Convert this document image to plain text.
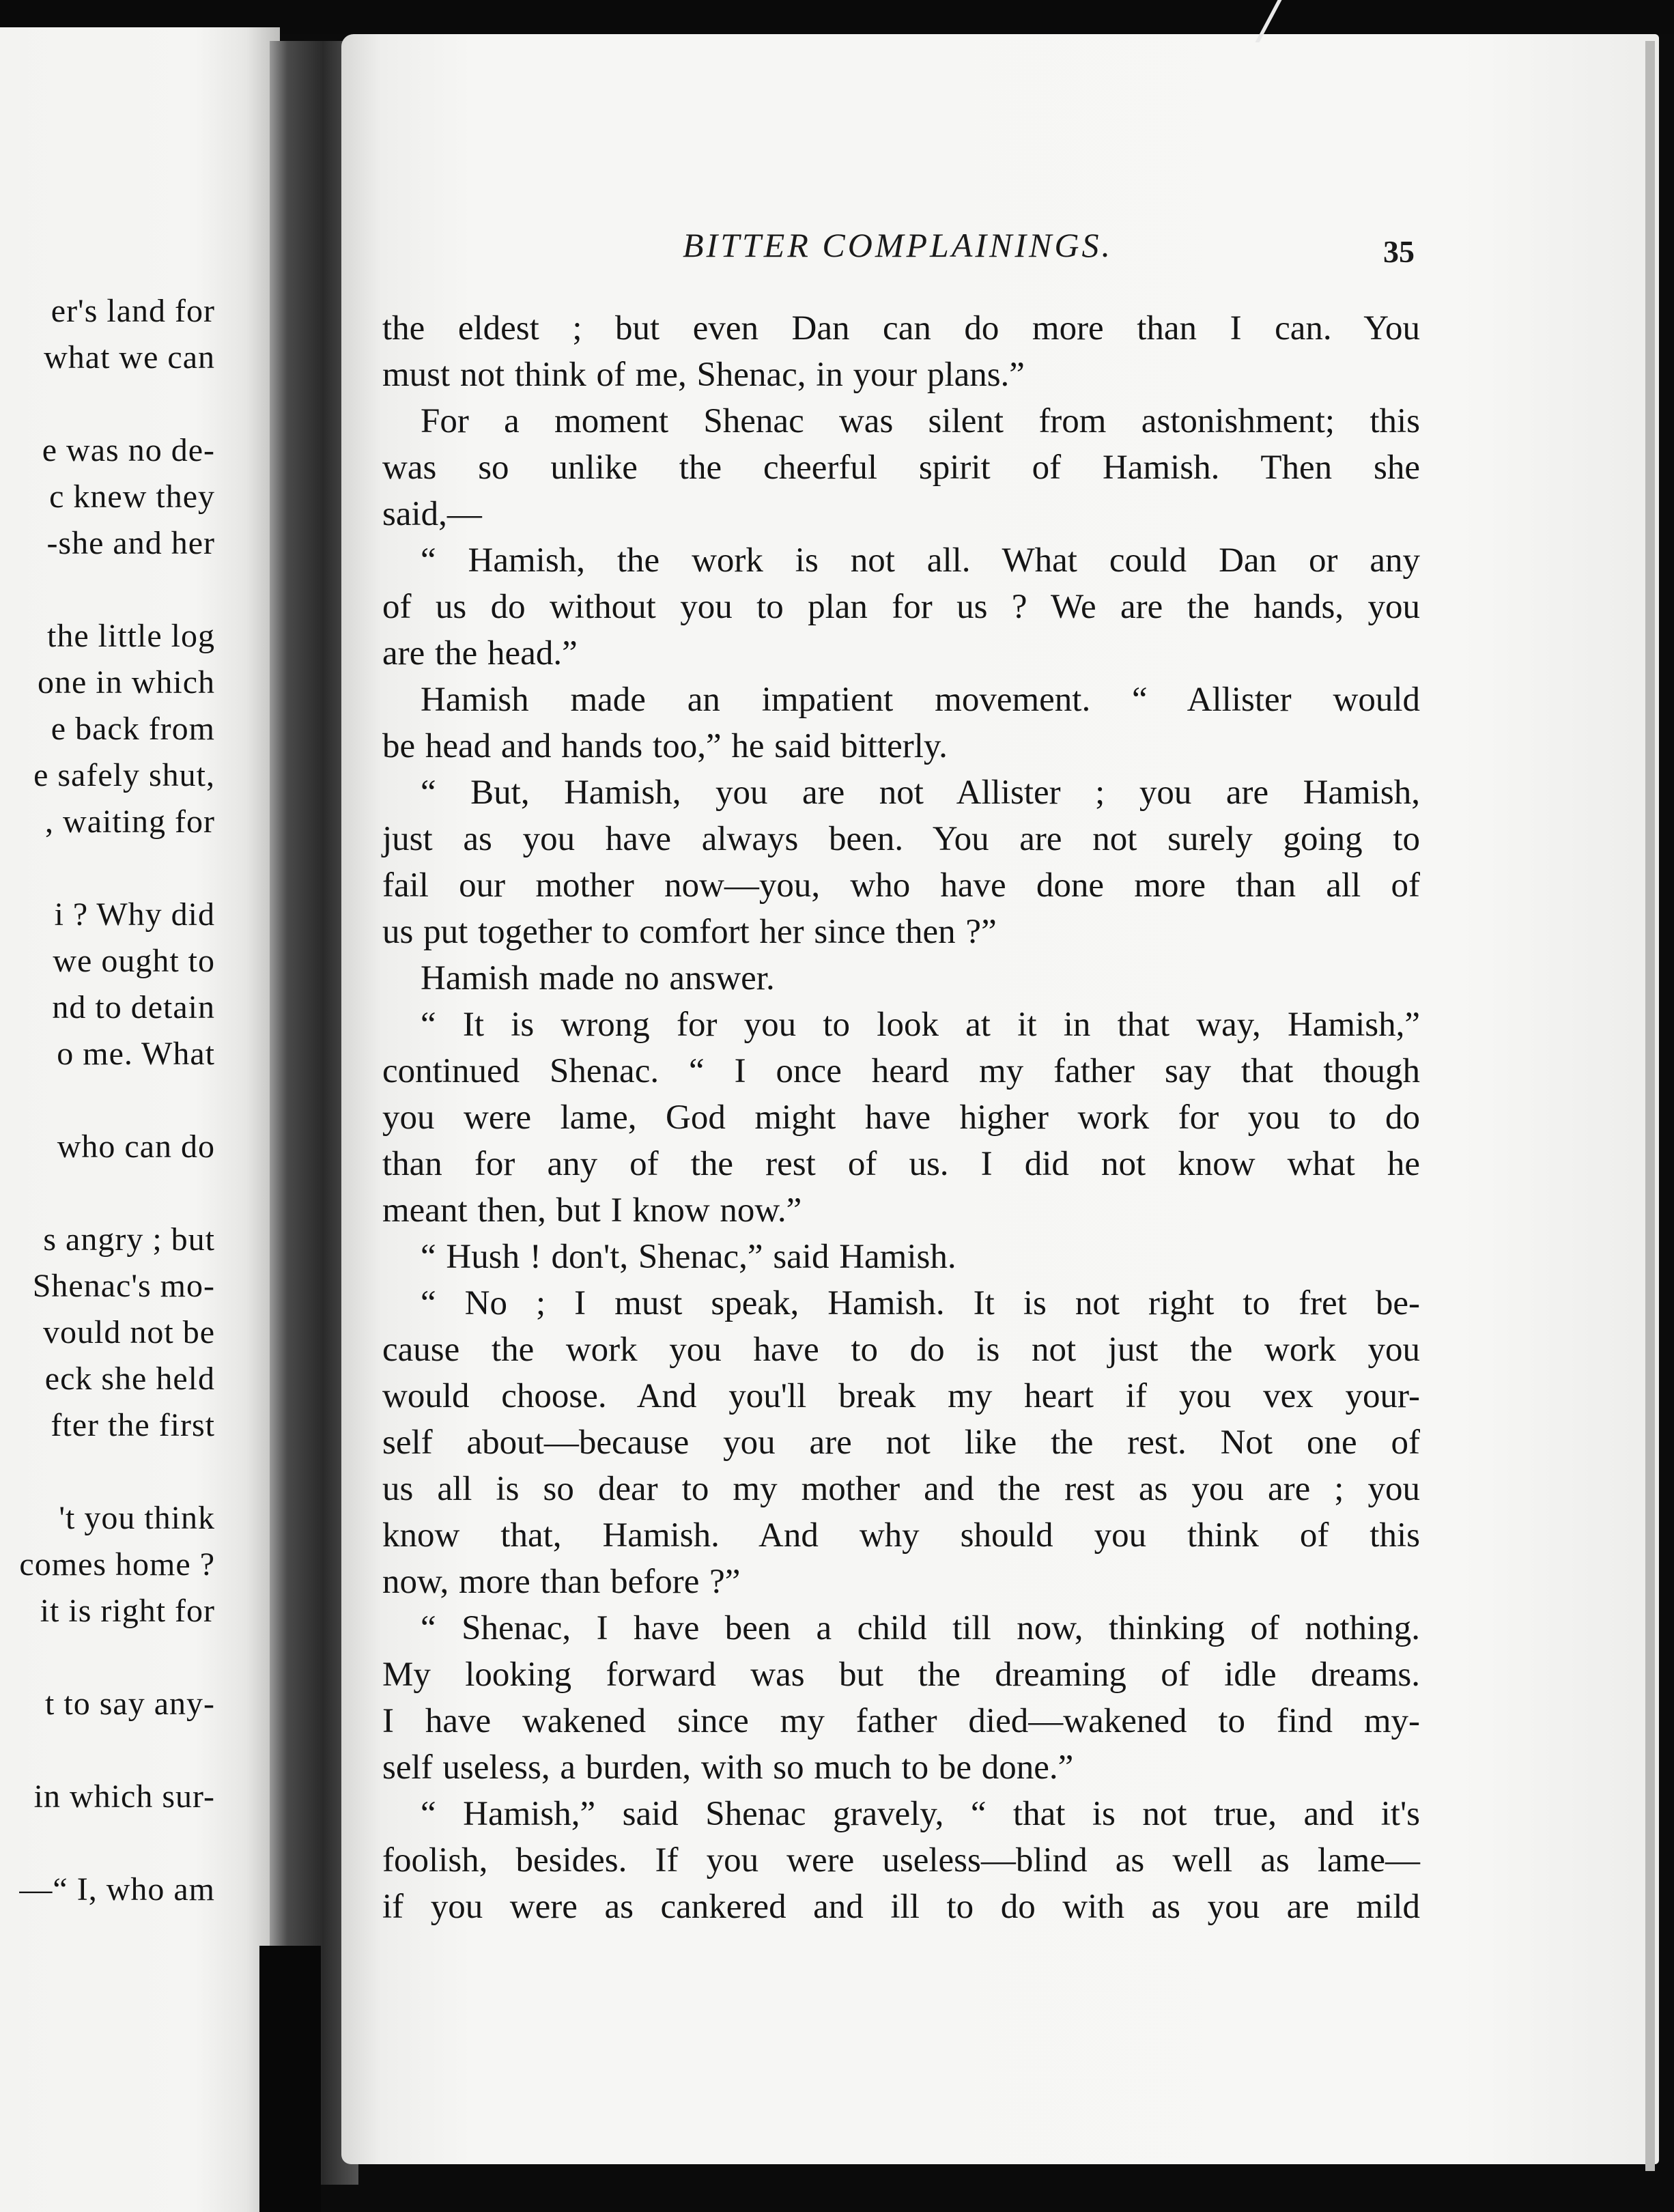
er's land for
what we can
e was no de-
c knew they
-she and her
the little log
one in which
e back from
e safely shut,
, waiting for
i ? Why did
we ought to
nd to detain
o me. What
who can do
s angry ; but
Shenac's mo-
vould not be
eck she held
fter the first
't you think
comes home ?
it is right for
t to say any-
in which sur-
—“ I, who am
BITTER COMPLAININGS.	35
the eldest ; but even Dan can do more than I can. You
must not think of me, Shenac, in your plans.”
For a moment Shenac was silent from astonishment; this
was so unlike the cheerful spirit of Hamish. Then she
said,—
“ Hamish, the work is not all. What could Dan or any
of us do without you to plan for us ? We are the hands, you
are the head.”
Hamish made an impatient movement. “ Allister would
be head and hands too,” he said bitterly.
“ But, Hamish, you are not Allister ; you are Hamish,
just as you have always been. You are not surely going to
fail our mother now—you, who have done more than all of
us put together to comfort her since then ?”
Hamish made no answer.
“ It is wrong for you to look at it in that way, Hamish,”
continued Shenac. “ I once heard my father say that though
you were lame, God might have higher work for you to do
than for any of the rest of us. I did not know what he
meant then, but I know now.”
“ Hush ! don't, Shenac,” said Hamish.
“ No ; I must speak, Hamish. It is not right to fret be-
cause the work you have to do is not just the work you
would choose. And you'll break my heart if you vex your-
self about—because you are not like the rest. Not one of
us all is so dear to my mother and the rest as you are ; you
know that, Hamish. And why should you think of this
now, more than before ?”
“ Shenac, I have been a child till now, thinking of nothing.
My looking forward was but the dreaming of idle dreams.
I have wakened since my father died—wakened to find my-
self useless, a burden, with so much to be done.”
“ Hamish,” said Shenac gravely, “ that is not true, and it's
foolish, besides. If you were useless—blind as well as lame—
if you were as cankered and ill to do with as you are mild
